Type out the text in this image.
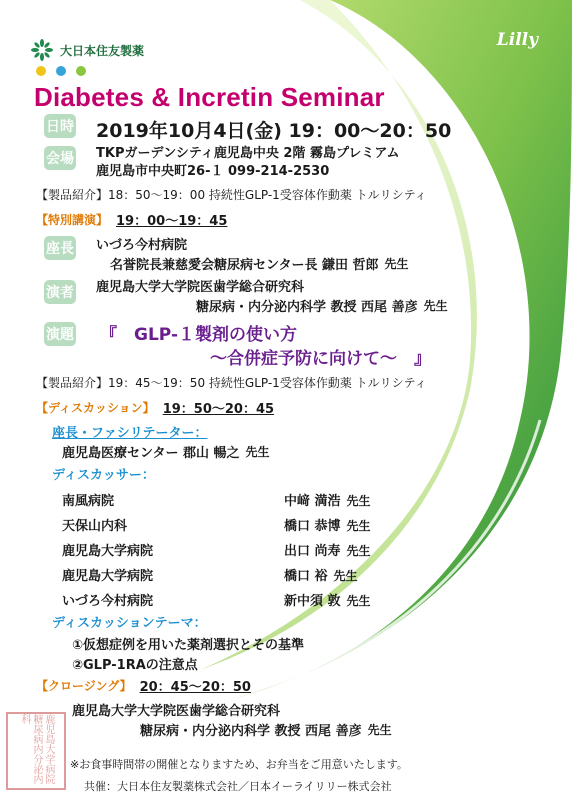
大日本住友製薬
Lilly
Diabetes & Incretin Seminar
日時 2019年10月4日(金) 19：00〜20：50
会場 TKPガーデンシティ鹿児島中央 2階 霧島プレミアム
鹿児島市中央町26-１ 099-214-2530
【製品紹介】18：50〜19：00 持続性GLP-1受容体作動薬 トルリシティ
【特別講演】 19：00〜19：45
座長 いづろ今村病院
名誉院長兼慈愛会糖尿病センター長 鎌田 哲郎 先生
演者 鹿児島大学大学院医歯学総合研究科
糖尿病・内分泌内科学 教授 西尾 善彦 先生
演題 『　GLP-１製剤の使い方
〜合併症予防に向けて〜　』
【製品紹介】19：45〜19：50 持続性GLP-1受容体作動薬 トルリシティ
【ディスカッション】 19：50〜20：45
座長・ファシリテーター：
鹿児島医療センター 郡山 暢之 先生
ディスカッサー：
南風病院	中﨑 満浩 先生
天保山内科	橋口 恭博 先生
鹿児島大学病院	出口 尚寿 先生
鹿児島大学病院	橋口 裕 先生
いづろ今村病院	新中須 敦 先生
ディスカッションテーマ：
①仮想症例を用いた薬剤選択とその基準
②GLP-1RAの注意点
【クロージング】 20：45〜20：50
鹿児島大学大学院医歯学総合研究科
糖尿病・内分泌内科学 教授 西尾 善彦 先生
※お食事時間帯の開催となりますため、お弁当をご用意いたします。
共催：大日本住友製薬株式会社／日本イーライリリー株式会社
鹿児島大学病院糖尿病内分泌内科
